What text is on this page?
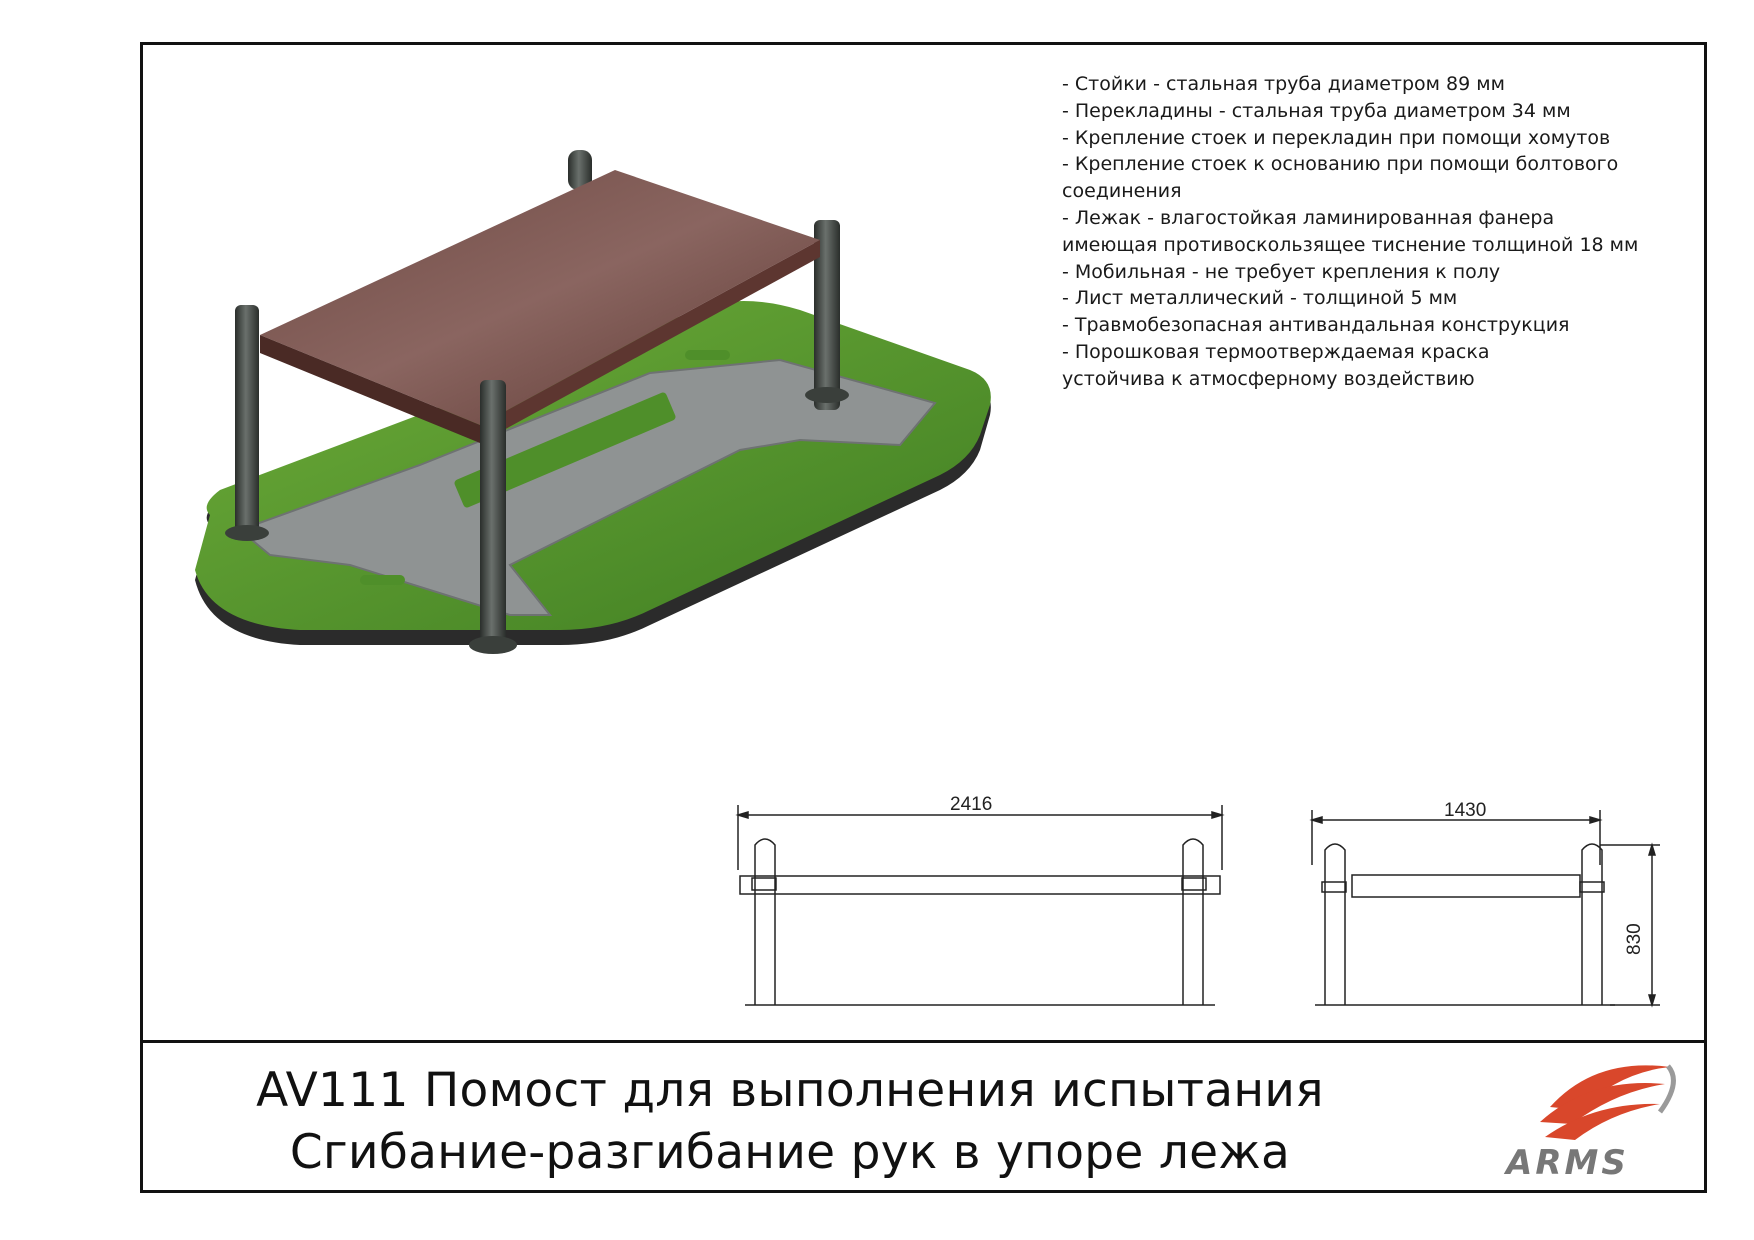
- Стойки - стальная труба диаметром 89 мм
- Перекладины - стальная труба диаметром 34 мм
- Крепление стоек и перекладин при помощи хомутов
- Крепление стоек к основанию при помощи болтового
соединения
- Лежак - влагостойкая ламинированная фанера
имеющая противоскользящее тиснение толщиной 18 мм
- Мобильная - не требует крепления к полу
- Лист металлический - толщиной 5 мм
- Травмобезопасная антивандальная конструкция
- Порошковая термоотверждаемая краска
устойчива к атмосферному воздействию
2416	1430
830
AV111 Помост для выполнения испытания
Сгибание-разгибание рук в упоре лежа	ARMS
